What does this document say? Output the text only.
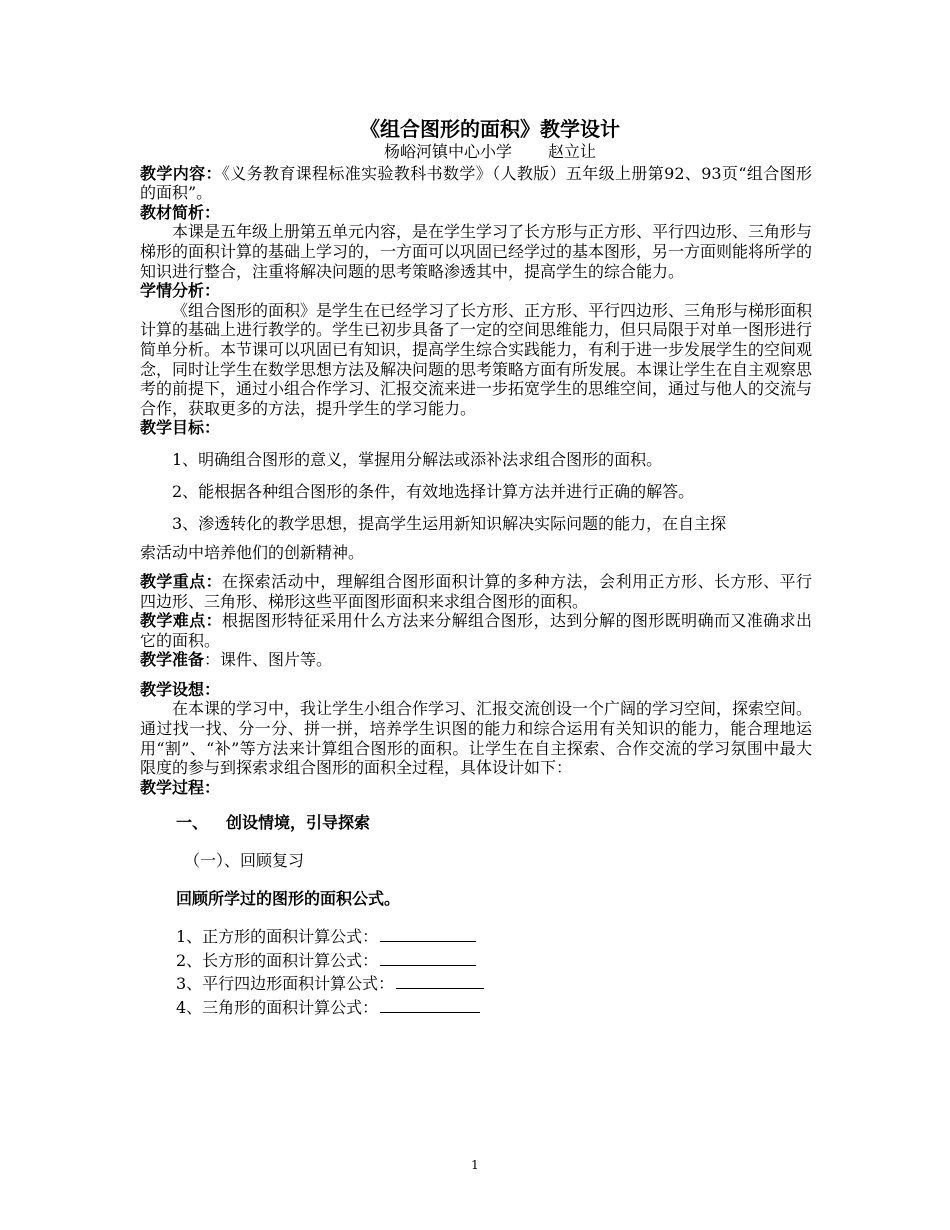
《组合图形的面积》教学设计
杨峪河镇中心小学 赵立让

教学内容：《义务教育课程标准实验教科书数学》（人教版）五年级上册第92、93页“组合图形的面积”。

教材简析：

本课是五年级上册第五单元内容，是在学生学习了长方形与正方形、平行四边形、三角形与梯形的面积计算的基础上学习的，一方面可以巩固已经学过的基本图形，另一方面则能将所学的知识进行整合，注重将解决问题的思考策略渗透其中，提高学生的综合能力。

学情分析：

《组合图形的面积》是学生在已经学习了长方形、正方形、平行四边形、三角形与梯形面积计算的基础上进行教学的。学生已初步具备了一定的空间思维能力，但只局限于对单一图形进行简单分析。本节课可以巩固已有知识，提高学生综合实践能力，有利于进一步发展学生的空间观念，同时让学生在数学思想方法及解决问题的思考策略方面有所发展。本课让学生在自主观察思考的前提下，通过小组合作学习、汇报交流来进一步拓宽学生的思维空间，通过与他人的交流与合作，获取更多的方法，提升学生的学习能力。

教学目标：

1、明确组合图形的意义，掌握用分解法或添补法求组合图形的面积。

2、能根据各种组合图形的条件，有效地选择计算方法并进行正确的解答。

3、渗透转化的教学思想，提高学生运用新知识解决实际问题的能力，在自主探

索活动中培养他们的创新精神。

教学重点：在探索活动中，理解组合图形面积计算的多种方法，会利用正方形、长方形、平行四边形、三角形、梯形这些平面图形面积来求组合图形的面积。

教学难点：根据图形特征采用什么方法来分解组合图形，达到分解的图形既明确而又准确求出它的面积。

教学准备：课件、图片等。

教学设想：

在本课的学习中，我让学生小组合作学习、汇报交流创设一个广阔的学习空间，探索空间。通过找一找、分一分、拼一拼，培养学生识图的能力和综合运用有关知识的能力，能合理地运用“割”、“补”等方法来计算组合图形的面积。让学生在自主探索、合作交流的学习氛围中最大限度的参与到探索求组合图形的面积全过程，具体设计如下：

教学过程：
一、 创设情境，引导探索
（一）、回顾复习
回顾所学过的图形的面积公式。
1、正方形的面积计算公式：
2、长方形的面积计算公式：
3、平行四边形面积计算公式：
4、三角形的面积计算公式：
1
